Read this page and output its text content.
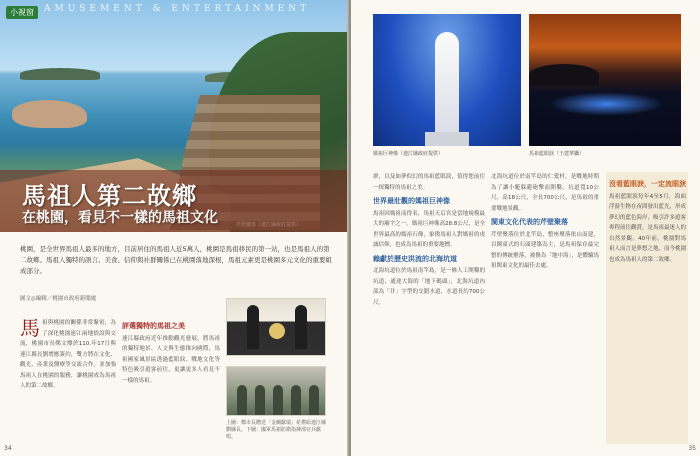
小視窗	AMUSEMENT & ENTERTAINMENT
馬祖人第二故鄉
在桃園，看見不一樣的馬祖文化

桃園，是全世界馬祖人最多的地方，目前居住的馬祖人近5萬人，桃園是馬祖移民的第一站，也是馬祖人的第二故鄉。馬祖人獨特的語言、美食、信仰與社群關係已在桃園落地深根，馬祖元素更是桃園多元文化的重要組成部分。

圖文◎編輯／桃園市政府新聞處
馬 祖與桃園的關係非常緊密，為了深化桃園連江兩地情誼與交流，桃園市長鄭文燦於110.年17日與連江縣長劉增應簽約，雙方將在文化、觀光、產業及醫療等交流合作，並加強馬祖人在桃園的服務，讓桃園成為馬祖人的第二故鄉。
評選獨特的馬祖之美
連江縣政府近年推動觀光發展，將馬祖的獨特地景、人文與生態推向國際，馬祖國家風景區透過藍眼淚、戰地文化等特色吸引遊客前往，更讓更多人看見不一樣的馬祖。
上圖：鄭市長贈送「金蘭獻瑞」花禮給連江縣劉縣長。下圖：國軍馬祖防衛指揮部官兵獻唱。
34
媽祖巨神像（連江縣政府提供）	馬祖藍眼淚（王建華攝）
群，以及如夢似幻的馬祖藍眼淚，值得您前往一探獨特的馬祖之美。
世界最壯觀的媽祖巨神像
馬祖因媽祖而得名，馬祖天后宮是當地規模最大的廟宇之一。媽祖巨神像高28.8公尺，是全世界最高的媽祖石像，象徵馬祖人對媽祖的虔誠信仰，也成為馬祖的重要地標。
賴獻於歷史洪流的北海坑道
北海坑道位於馬祖南竿島，是一條人工開鑿的坑道，通達大海的「地下碼頭」，北海坑道內部為「井」字型的交錯水道，水道長約700公尺。
北海坑道位於南竿島的仁愛村，是戰地時期為了讓小艇躲避砲擊而開鑿，坑道寬10公尺、高18公尺，全長700公尺，是馬祖的重要戰地景觀。
閩東文化代表的芹壁聚落
芹壁聚落位於北竿島，整座聚落依山而建，以閩東式的石頭建築為主，是馬祖保存最完整的傳統聚落，被譽為「地中海」，是體驗馬祖閩東文化的最佳去處。
沒看藍眼淚，一定流眼淚
馬祖藍眼淚每年4至5月，海面浮游生物在夜間發出藍光，形成夢幻的藍色海岸，吸引許多遊客專程前往觀賞，是馬祖最迷人的自然景觀。40年前，桃園對馬祖人而言是夢想之地，而今桃園也成為馬祖人的第二故鄉。
35
